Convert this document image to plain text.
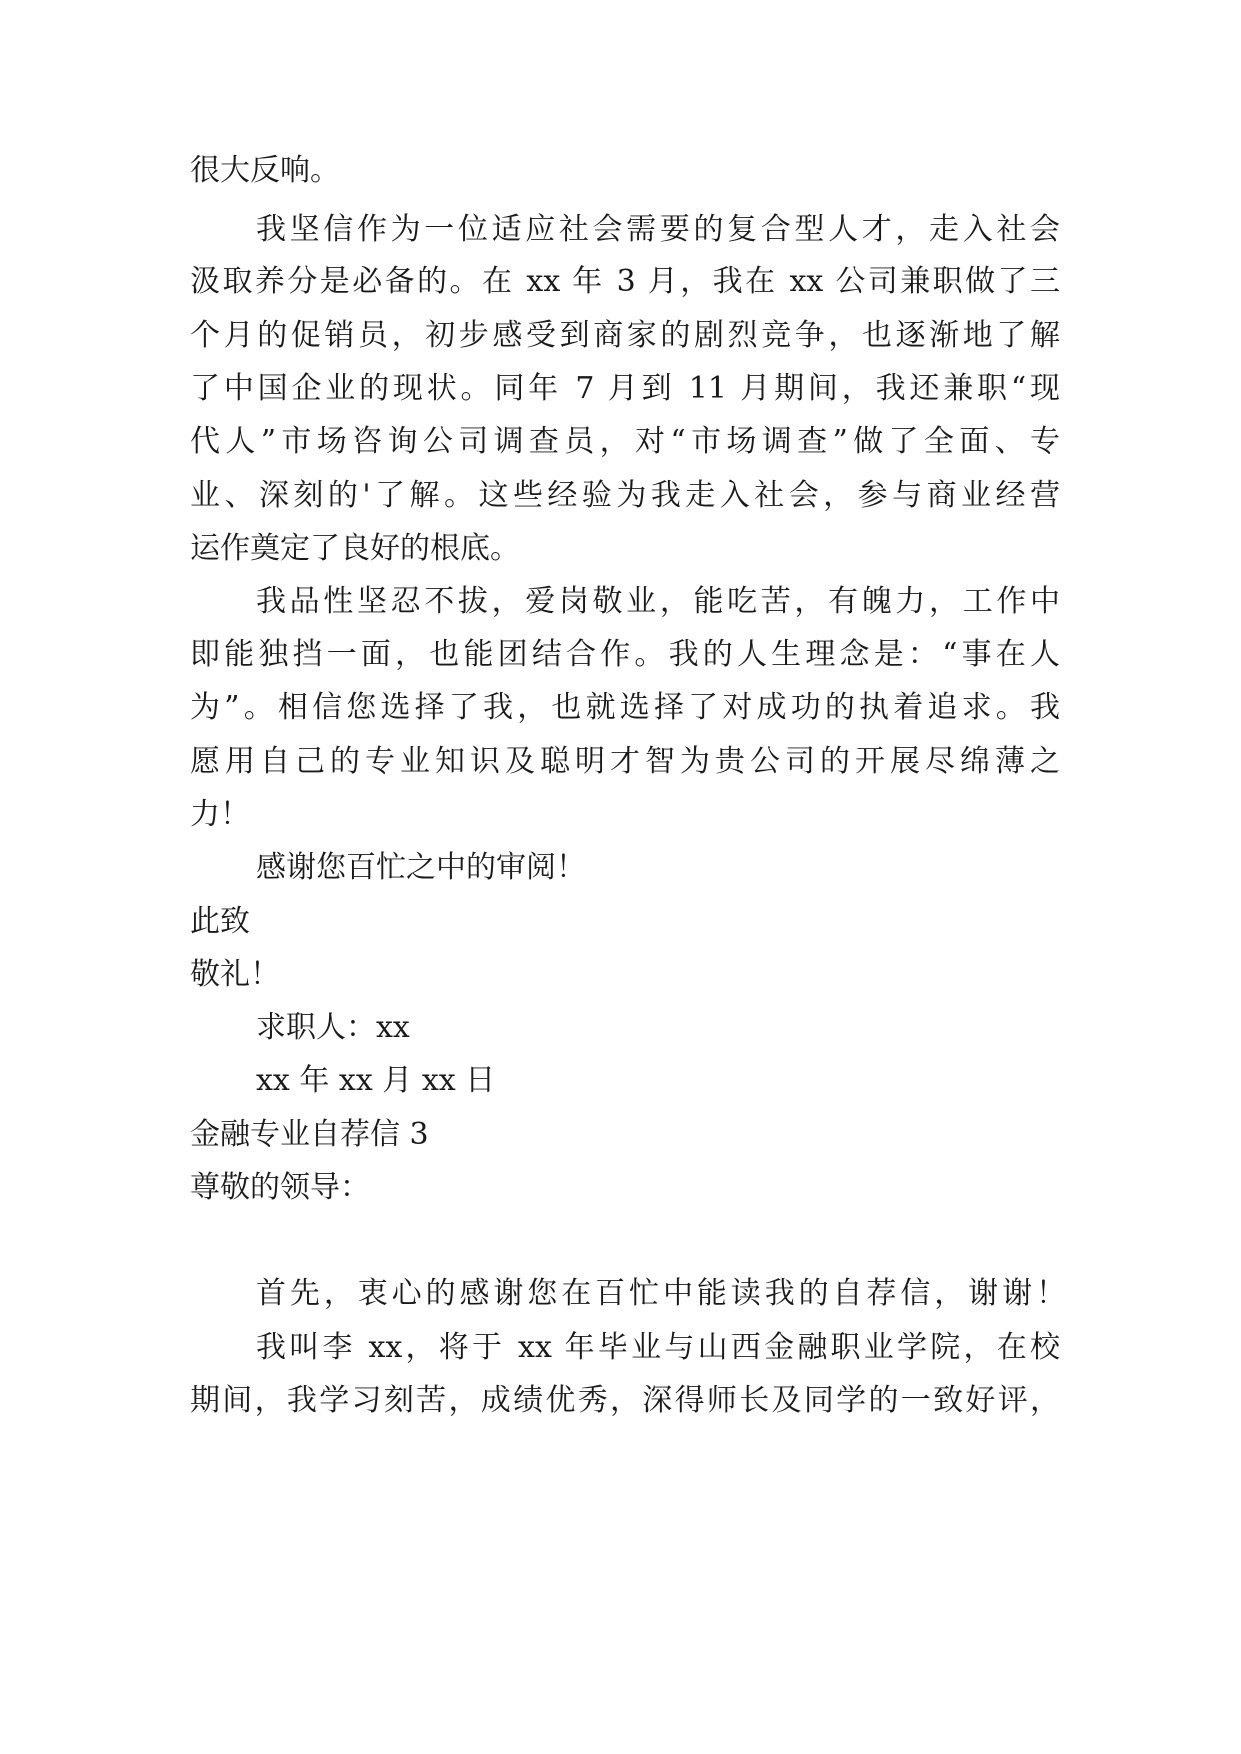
很大反响。
我坚信作为一位适应社会需要的复合型人才，走入社会
汲取养分是必备的。在 xx 年 3 月，我在 xx 公司兼职做了三
个月的促销员，初步感受到商家的剧烈竞争，也逐渐地了解
了中国企业的现状。同年 7 月到 11 月期间，我还兼职“现
代人”市场咨询公司调查员，对“市场调查”做了全面、专
业、深刻的'了解。这些经验为我走入社会，参与商业经营
运作奠定了良好的根底。
我品性坚忍不拔，爱岗敬业，能吃苦，有魄力，工作中
即能独挡一面，也能团结合作。我的人生理念是：“事在人
为”。相信您选择了我，也就选择了对成功的执着追求。我
愿用自己的专业知识及聪明才智为贵公司的开展尽绵薄之
力！
感谢您百忙之中的审阅！
此致
敬礼！
求职人：xx
xx 年 xx 月 xx 日
金融专业自荐信 3
尊敬的领导：
首先，衷心的感谢您在百忙中能读我的自荐信，谢谢！
我叫李 xx，将于 xx 年毕业与山西金融职业学院，在校
期间，我学习刻苦，成绩优秀，深得师长及同学的一致好评，
